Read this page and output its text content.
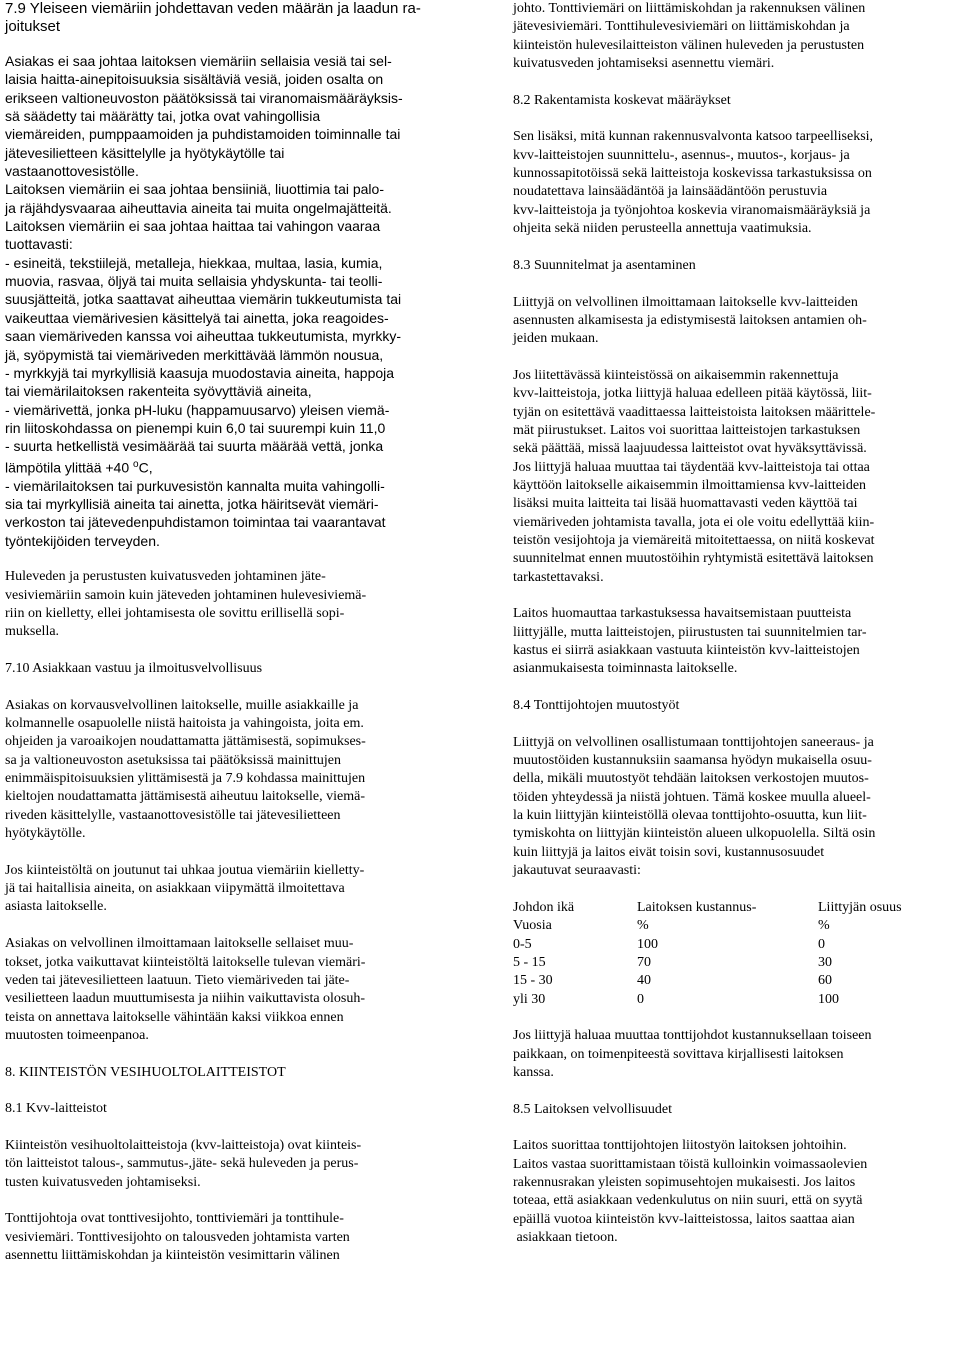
7.9 Yleiseen viemäriin johdettavan veden määrän ja laadun ra-
joitukset
Asiakas ei saa johtaa laitoksen viemäriin sellaisia vesiä tai sel-
laisia haitta-ainepitoisuuksia sisältäviä vesiä, joiden osalta on
erikseen valtioneuvoston päätöksissä tai viranomaismääräyksis-
sä säädetty tai määrätty tai, jotka ovat vahingollisia
viemäreiden, pumppaamoiden ja puhdistamoiden toiminnalle tai
jätevesilietteen käsittelylle ja hyötykäytölle tai
vastaanottovesistölle.
Laitoksen viemäriin ei saa johtaa bensiiniä, liuottimia tai palo-
ja räjähdysvaaraa aiheuttavia aineita tai muita ongelmajätteitä.
Laitoksen viemäriin ei saa johtaa haittaa tai vahingon vaaraa
tuottavasti:
- esineitä, tekstiilejä, metalleja, hiekkaa, multaa, lasia, kumia,
muovia, rasvaa, öljyä tai muita sellaisia yhdyskunta- tai teolli-
suusjätteitä, jotka saattavat aiheuttaa viemärin tukkeutumista tai
vaikeuttaa viemärivesien käsittelyä tai ainetta, joka reagoides-
saan viemäriveden kanssa voi aiheuttaa tukkeutumista, myrkky-
jä, syöpymistä tai viemäriveden merkittävää lämmön nousua,
- myrkkyjä tai myrkyllisiä kaasuja muodostavia aineita, happoja
tai viemärilaitoksen rakenteita syövyttäviä aineita,
- viemärivettä, jonka pH-luku (happamuusarvo) yleisen viemä-
rin liitoskohdassa on pienempi kuin 6,0 tai suurempi kuin 11,0
- suurta hetkellistä vesimäärää tai suurta määrää vettä, jonka
lämpötila ylittää +40 $^o$C,
- viemärilaitoksen tai purkuvesistön kannalta muita vahingolli-
sia tai myrkyllisiä aineita tai ainetta, jotka häiritsevät viemäri-
verkoston tai jätevedenpuhdistamon toimintaa tai vaarantavat
työntekijöiden terveyden.
Huleveden ja perustusten kuivatusveden johtaminen jäte-
vesiviemäriin samoin kuin jäteveden johtaminen hulevesiviemä-
riin on kielletty, ellei johtamisesta ole sovittu erillisellä sopi-
muksella.
7.10 Asiakkaan vastuu ja ilmoitusvelvollisuus
Asiakas on korvausvelvollinen laitokselle, muille asiakkaille ja
kolmannelle osapuolelle niistä haitoista ja vahingoista, joita em.
ohjeiden ja varoaikojen noudattamatta jättämisestä, sopimukses-
sa ja valtioneuvoston asetuksissa tai päätöksissä mainittujen
enimmäispitoisuuksien ylittämisestä ja 7.9 kohdassa mainittujen
kieltojen noudattamatta jättämisestä aiheutuu laitokselle, viemä-
riveden käsittelylle, vastaanottovesistölle tai jätevesilietteen
hyötykäytölle.
Jos kiinteistöltä on joutunut tai uhkaa joutua viemäriin kielletty-
jä tai haitallisia aineita, on asiakkaan viipymättä ilmoitettava
asiasta laitokselle.
Asiakas on velvollinen ilmoittamaan laitokselle sellaiset muu-
tokset, jotka vaikuttavat kiinteistöltä laitokselle tulevan viemäri-
veden tai jätevesilietteen laatuun. Tieto viemäriveden tai jäte-
vesilietteen laadun muuttumisesta ja niihin vaikuttavista olosuh-
teista on annettava laitokselle vähintään kaksi viikkoa ennen
muutosten toimeenpanoa.
8. KIINTEISTÖN VESIHUOLTOLAITTEISTOT
8.1 Kvv-laitteistot
Kiinteistön vesihuoltolaitteistoja (kvv-laitteistoja) ovat kiinteis-
tön laitteistot talous-, sammutus-,jäte- sekä huleveden ja perus-
tusten kuivatusveden johtamiseksi.
Tonttijohtoja ovat tonttivesijohto, tonttiviemäri ja tonttihule-
vesiviemäri. Tonttivesijohto on talousveden johtamista varten
asennettu liittämiskohdan ja kiinteistön vesimittarin välinen
johto. Tonttiviemäri on liittämiskohdan ja rakennuksen välinen
jätevesiviemäri. Tonttihulevesiviemäri on liittämiskohdan ja
kiinteistön hulevesilaitteiston välinen huleveden ja perustusten
kuivatusveden johtamiseksi asennettu viemäri.
8.2 Rakentamista koskevat määräykset
Sen lisäksi, mitä kunnan rakennusvalvonta katsoo tarpeelliseksi,
kvv-laitteistojen suunnittelu-, asennus-, muutos-, korjaus- ja
kunnossapitotöissä sekä laitteistoja koskevissa tarkastuksissa on
noudatettava lainsäädäntöä ja lainsäädäntöön perustuvia
kvv-laitteistoja ja työnjohtoa koskevia viranomaismääräyksiä ja
ohjeita sekä niiden perusteella annettuja vaatimuksia.
8.3 Suunnitelmat ja asentaminen
Liittyjä on velvollinen ilmoittamaan laitokselle kvv-laitteiden
asennusten alkamisesta ja edistymisestä laitoksen antamien oh-
jeiden mukaan.
Jos liitettävässä kiinteistössä on aikaisemmin rakennettuja
kvv-laitteistoja, jotka liittyjä haluaa edelleen pitää käytössä, liit-
tyjän on esitettävä vaadittaessa laitteistoista laitoksen määrittele-
mät piirustukset. Laitos voi suorittaa laitteistojen tarkastuksen
sekä päättää, missä laajuudessa laitteistot ovat hyväksyttävissä.
Jos liittyjä haluaa muuttaa tai täydentää kvv-laitteistoja tai ottaa
käyttöön laitokselle aikaisemmin ilmoittamiensa kvv-laitteiden
lisäksi muita laitteita tai lisää huomattavasti veden käyttöä tai
viemäriveden johtamista tavalla, jota ei ole voitu edellyttää kiin-
teistön vesijohtoja ja viemäreitä mitoitettaessa, on niitä koskevat
suunnitelmat ennen muutostöihin ryhtymistä esitettävä laitoksen
tarkastettavaksi.
Laitos huomauttaa tarkastuksessa havaitsemistaan puutteista
liittyjälle, mutta laitteistojen, piirustusten tai suunnitelmien tar-
kastus ei siirrä asiakkaan vastuuta kiinteistön kvv-laitteistojen
asianmukaisesta toiminnasta laitokselle.
8.4 Tonttijohtojen muutostyöt
Liittyjä on velvollinen osallistumaan tonttijohtojen saneeraus- ja
muutostöiden kustannuksiin saamansa hyödyn mukaisella osuu-
della, mikäli muutostyöt tehdään laitoksen verkostojen muutos-
töiden yhteydessä ja niistä johtuen. Tämä koskee muulla alueel-
la kuin liittyjän kiinteistöllä olevaa tonttijohto-osuutta, kun liit-
tymiskohta on liittyjän kiinteistön alueen ulkopuolella. Siltä osin
kuin liittyjä ja laitos eivät toisin sovi, kustannusosuudet
jakautuvat seuraavasti:
Johdon ikä	Laitoksen kustannus-	Liittyjän osuus
Vuosia	%	%
0-5	100	0
5 - 15	70	30
15 - 30	40	60
yli 30	0	100
Jos liittyjä haluaa muuttaa tonttijohdot kustannuksellaan toiseen
paikkaan, on toimenpiteestä sovittava kirjallisesti laitoksen
kanssa.
8.5 Laitoksen velvollisuudet
Laitos suorittaa tonttijohtojen liitostyön laitoksen johtoihin.
Laitos vastaa suorittamistaan töistä kulloinkin voimassaolevien
rakennusrakan yleisten sopimusehtojen mukaisesti. Jos laitos
toteaa, että asiakkaan vedenkulutus on niin suuri, että on syytä
epäillä vuotoa kiinteistön kvv-laitteistossa, laitos saattaa aian
asiakkaan tietoon.
